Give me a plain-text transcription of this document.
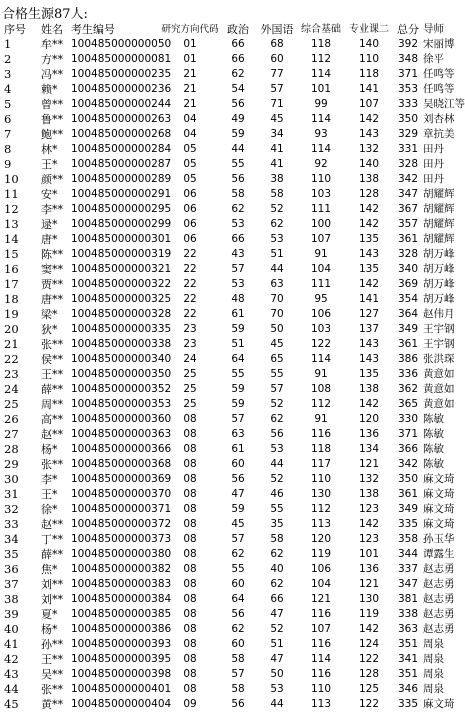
合格生源87人:
序号	姓名	考生编号	研究方向代码	政治	外国语	综合基础	专业课二	总分	导师
1	牟**	100485000000050	01	66	68	118	140	392	宋丽博
2	方**	100485000000081	01	66	60	112	110	348	徐平
3	冯**	100485000000235	21	62	77	114	118	371	任鸣等
4	赖*	100485000000236	21	54	57	101	141	353	任鸣等
5	曾**	100485000000244	21	56	71	99	107	333	吴晓江等
6	鲁**	100485000000263	04	49	45	114	142	350	刘杏林
7	鲍**	100485000000268	04	59	34	93	143	329	章抗美
8	林*	100485000000284	05	44	41	114	132	331	田丹
9	王*	100485000000287	05	55	41	92	140	328	田丹
10	颜**	100485000000289	05	56	38	110	138	342	田丹
11	安*	100485000000291	06	58	58	103	128	347	胡耀辉
12	李**	100485000000295	06	62	52	111	142	367	胡耀辉
13	逯*	100485000000299	06	53	62	100	142	357	胡耀辉
14	唐*	100485000000301	06	66	53	107	135	361	胡耀辉
15	陈**	100485000000319	22	43	51	91	143	328	胡万峰
16	窦**	100485000000321	22	57	44	104	135	340	胡万峰
17	贾**	100485000000322	22	53	63	111	142	369	胡万峰
18	唐**	100485000000325	22	48	70	95	141	354	胡万峰
19	梁*	100485000000328	22	61	70	106	127	364	赵伟月
20	狄*	100485000000335	23	59	50	103	137	349	王宇钢
21	张**	100485000000338	23	51	45	122	143	361	王宇钢
22	侯**	100485000000340	24	64	65	114	143	386	张洪琛
23	王**	100485000000350	25	55	55	91	135	336	黄意如
24	薛**	100485000000352	25	59	57	108	138	362	黄意如
25	周**	100485000000353	25	59	52	112	142	365	黄意如
26	高**	100485000000360	08	57	62	91	120	330	陈敏
27	赵**	100485000000363	08	63	56	116	136	371	陈敏
28	杨*	100485000000366	08	61	53	118	134	366	陈敏
29	张**	100485000000368	08	60	44	117	121	342	陈敏
30	李*	100485000000369	08	56	52	110	132	350	麻文琦
31	王*	100485000000370	08	47	46	130	138	361	麻文琦
32	徐*	100485000000371	08	59	55	112	123	349	麻文琦
33	赵**	100485000000372	08	45	35	113	142	335	麻文琦
34	丁**	100485000000373	08	57	58	120	123	358	孙玉华
35	薛**	100485000000380	08	62	62	119	101	344	谭露生
36	焦*	100485000000382	08	55	40	106	136	337	赵志勇
37	刘**	100485000000383	08	60	62	104	121	347	赵志勇
38	刘**	100485000000384	08	64	66	121	130	381	赵志勇
39	夏*	100485000000385	08	56	47	116	119	338	赵志勇
40	杨*	100485000000386	08	62	52	107	142	363	赵志勇
41	孙**	100485000000393	08	60	51	116	124	351	周泉
42	王**	100485000000395	08	58	47	114	122	341	周泉
43	吴**	100485000000398	08	57	50	116	128	351	周泉
44	张**	100485000000401	08	58	53	110	125	346	周泉
45	黄**	100485000000404	09	56	44	113	122	335	麻文琦
